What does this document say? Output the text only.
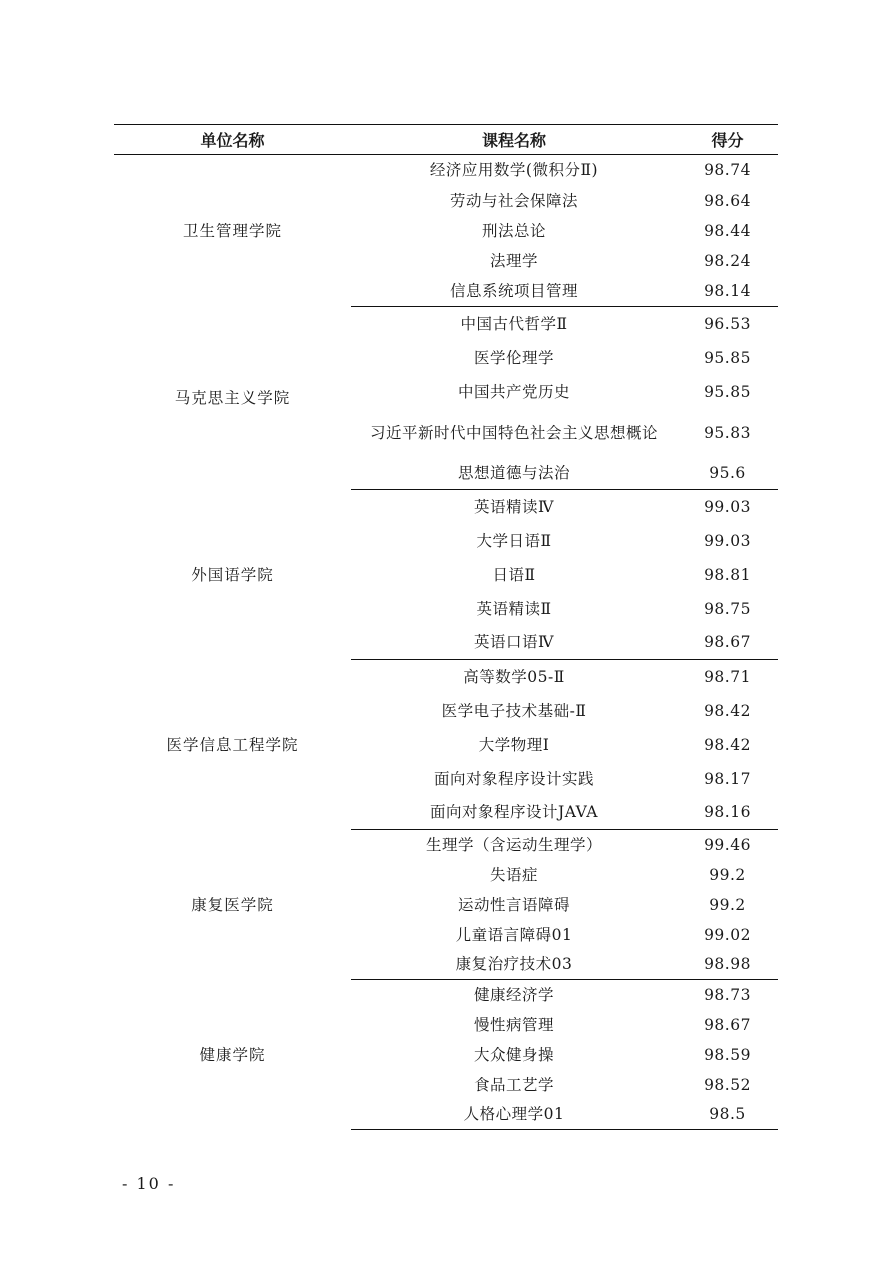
单位名称	课程名称	得分
卫生管理学院	经济应用数学(微积分Ⅱ)	98.74
	劳动与社会保障法	98.64
	刑法总论	98.44
	法理学	98.24
	信息系统项目管理	98.14
马克思主义学院	中国古代哲学Ⅱ	96.53
	医学伦理学	95.85
	中国共产党历史	95.85
	习近平新时代中国特色社会主义思想概论	95.83
	思想道德与法治	95.6
外国语学院	英语精读Ⅳ	99.03
	大学日语Ⅱ	99.03
	日语Ⅱ	98.81
	英语精读Ⅱ	98.75
	英语口语Ⅳ	98.67
医学信息工程学院	高等数学05-Ⅱ	98.71
	医学电子技术基础-Ⅱ	98.42
	大学物理Ⅰ	98.42
	面向对象程序设计实践	98.17
	面向对象程序设计JAVA	98.16
康复医学院	生理学（含运动生理学）	99.46
	失语症	99.2
	运动性言语障碍	99.2
	儿童语言障碍01	99.02
	康复治疗技术03	98.98
健康学院	健康经济学	98.73
	慢性病管理	98.67
	大众健身操	98.59
	食品工艺学	98.52
	人格心理学01	98.5
- 10 -
